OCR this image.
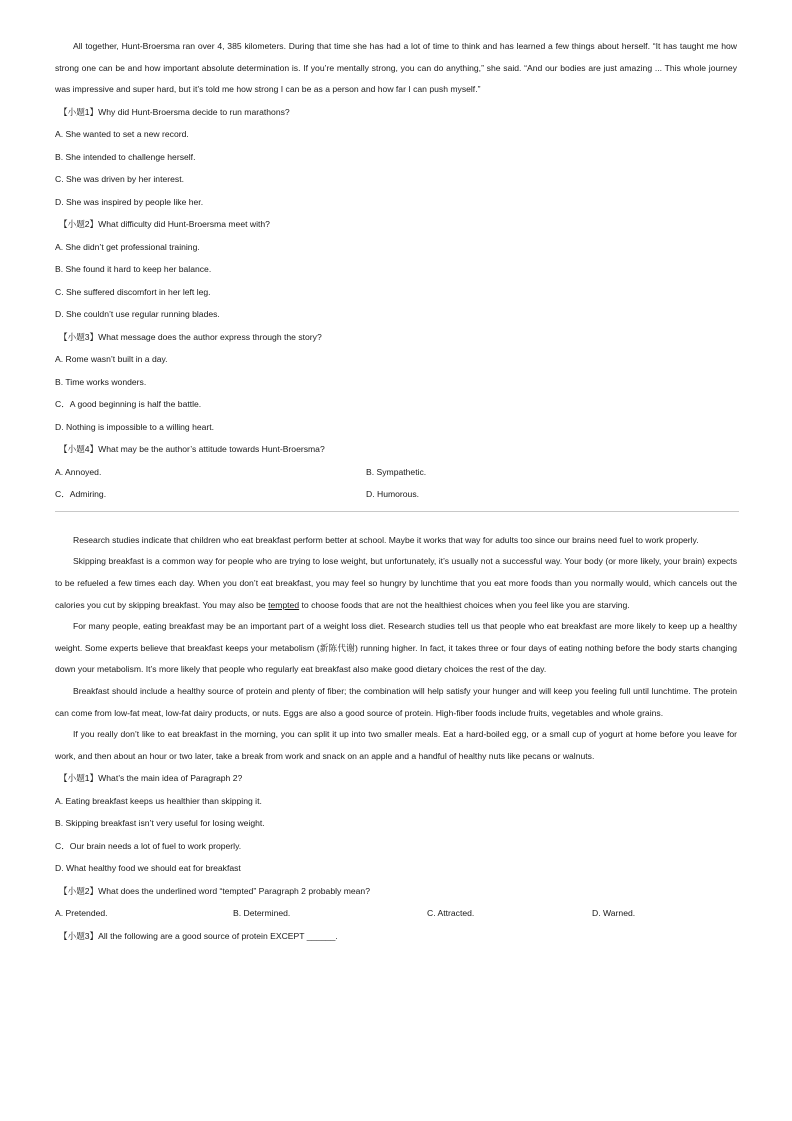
All together, Hunt-Broersma ran over 4, 385 kilometers. During that time she has had a lot of time to think and has learned a few things about herself. “It has taught me how strong one can be and how important absolute determination is. If you’re mentally strong, you can do anything,” she said. “And our bodies are just amazing ... This whole journey was impressive and super hard, but it’s told me how strong I can be as a person and how far I can push myself.”

【小题1】Why did Hunt-Broersma decide to run marathons?
A. She wanted to set a new record.
B. She intended to challenge herself.
C. She was driven by her interest.
D. She was inspired by people like her.
【小题2】What difficulty did Hunt-Broersma meet with?
A. She didn’t get professional training.
B. She found it hard to keep her balance.
C. She suffered discomfort in her left leg.
D. She couldn’t use regular running blades.
【小题3】What message does the author express through the story?
A. Rome wasn’t built in a day.
B. Time works wonders.
C．A good beginning is half the battle.
D. Nothing is impossible to a willing heart.
【小题4】What may be the author’s attitude towards Hunt-Broersma?
A. Annoyed.	B. Sympathetic.
C．Admiring.	D. Humorous.

Research studies indicate that children who eat breakfast perform better at school. Maybe it works that way for adults too since our brains need fuel to work properly.

Skipping breakfast is a common way for people who are trying to lose weight, but unfortunately, it’s usually not a successful way. Your body (or more likely, your brain) expects to be refueled a few times each day. When you don’t eat breakfast, you may feel so hungry by lunchtime that you eat more foods than you normally would, which cancels out the calories you cut by skipping breakfast. You may also be tempted to choose foods that are not the healthiest choices when you feel like you are starving.

For many people, eating breakfast may be an important part of a weight loss diet. Research studies tell us that people who eat breakfast are more likely to keep up a healthy weight. Some experts believe that breakfast keeps your metabolism (新陈代谢) running higher. In fact, it takes three or four days of eating nothing before the body starts changing down your metabolism. It’s more likely that people who regularly eat breakfast also make good dietary choices the rest of the day.

Breakfast should include a healthy source of protein and plenty of fiber; the combination will help satisfy your hunger and will keep you feeling full until lunchtime. The protein can come from low-fat meat, low-fat dairy products, or nuts. Eggs are also a good source of protein. High-fiber foods include fruits, vegetables and whole grains.

If you really don’t like to eat breakfast in the morning, you can split it up into two smaller meals. Eat a hard-boiled egg, or a small cup of yogurt at home before you leave for work, and then about an hour or two later, take a break from work and snack on an apple and a handful of healthy nuts like pecans or walnuts.

【小题1】What’s the main idea of Paragraph 2?
A. Eating breakfast keeps us healthier than skipping it.
B. Skipping breakfast isn’t very useful for losing weight.
C．Our brain needs a lot of fuel to work properly.
D. What healthy food we should eat for breakfast
【小题2】What does the underlined word “tempted” Paragraph 2 probably mean?
A. Pretended.	B. Determined.	C. Attracted.	D. Warned.
【小题3】All the following are a good source of protein EXCEPT ______.
